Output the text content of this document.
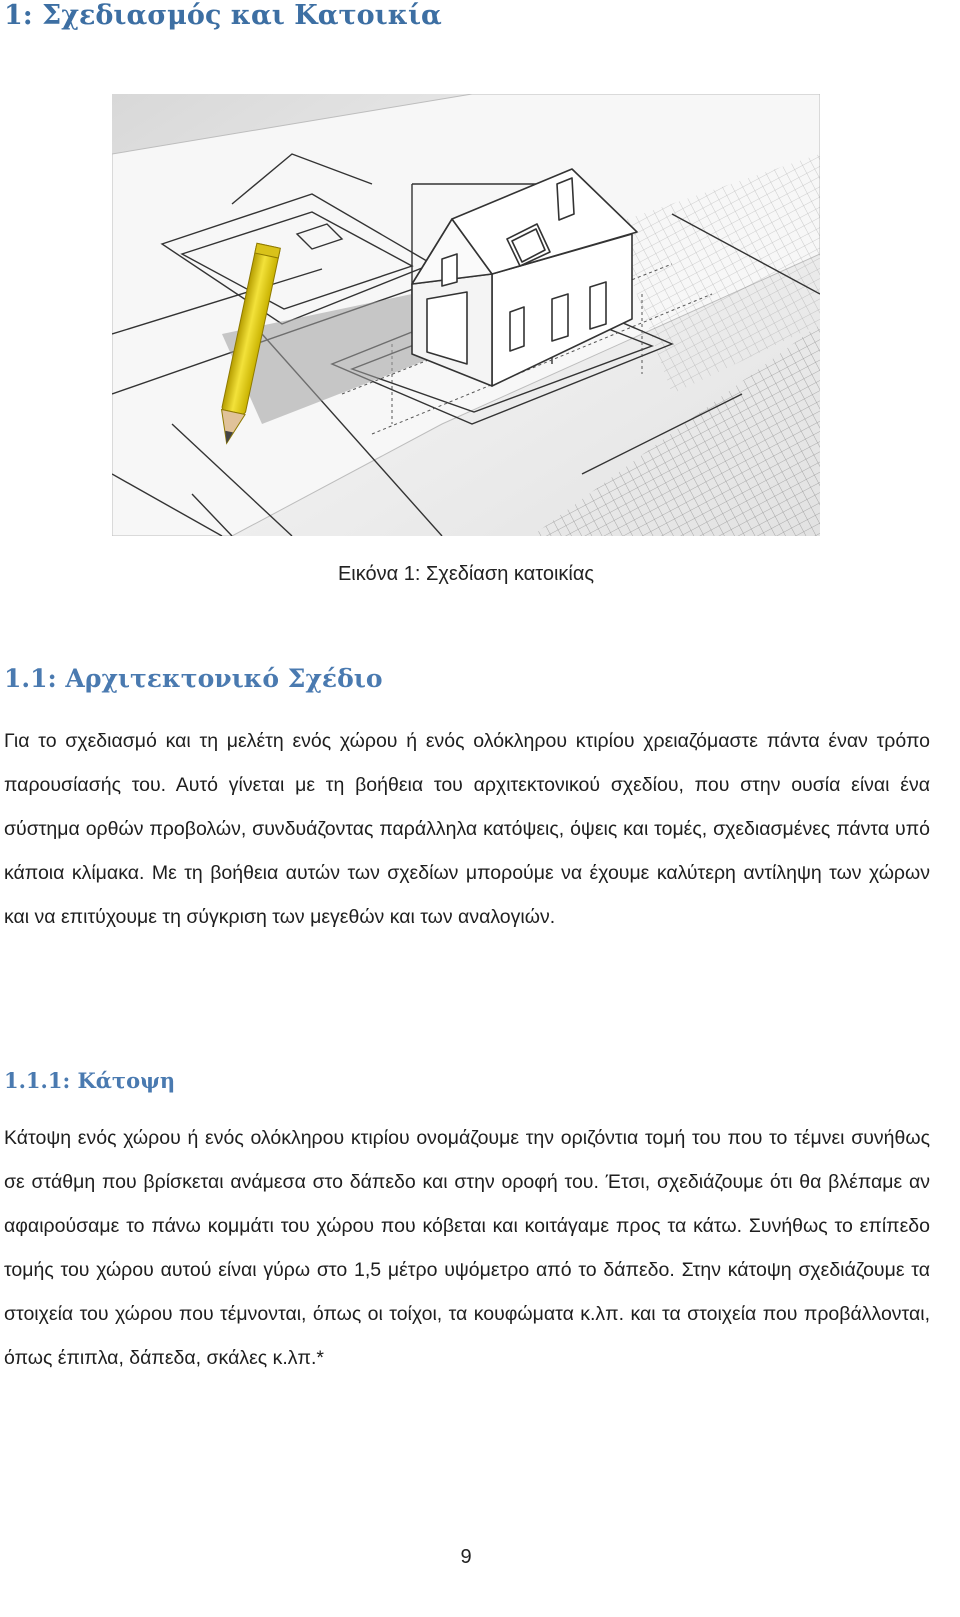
1: Σχεδιασμός και Κατοικία
Εικόνα 1: Σχεδίαση κατοικίας
1.1: Αρχιτεκτονικό Σχέδιο

Για το σχεδιασμό και τη μελέτη ενός χώρου ή ενός ολόκληρου κτιρίου χρειαζόμαστε πάντα έναν τρόπο παρουσίασής του. Αυτό γίνεται με τη βοήθεια του αρχιτεκτονικού σχεδίου, που στην ουσία είναι ένα σύστημα ορθών προβολών, συνδυάζοντας παράλληλα κατόψεις, όψεις και τομές, σχεδιασμένες πάντα υπό κάποια κλίμακα. Με τη βοήθεια αυτών των σχεδίων μπορούμε να έχουμε καλύτερη αντίληψη των χώρων και να επιτύχουμε τη σύγκριση των μεγεθών και των αναλογιών.

1.1.1: Κάτοψη

Κάτοψη ενός χώρου ή ενός ολόκληρου κτιρίου ονομάζουμε την οριζόντια τομή του που το τέμνει συνήθως σε στάθμη που βρίσκεται ανάμεσα στο δάπεδο και στην οροφή του. Έτσι, σχεδιάζουμε ότι θα βλέπαμε αν αφαιρούσαμε το πάνω κομμάτι του χώρου που κόβεται και κοιτάγαμε προς τα κάτω. Συνήθως το επίπεδο τομής του χώρου αυτού είναι γύρω στο 1,5 μέτρο υψόμετρο από το δάπεδο. Στην κάτοψη σχεδιάζουμε τα στοιχεία του χώρου που τέμνονται, όπως οι τοίχοι, τα κουφώματα κ.λπ. και τα στοιχεία που προβάλλονται, όπως έπιπλα, δάπεδα, σκάλες κ.λπ.*

9
